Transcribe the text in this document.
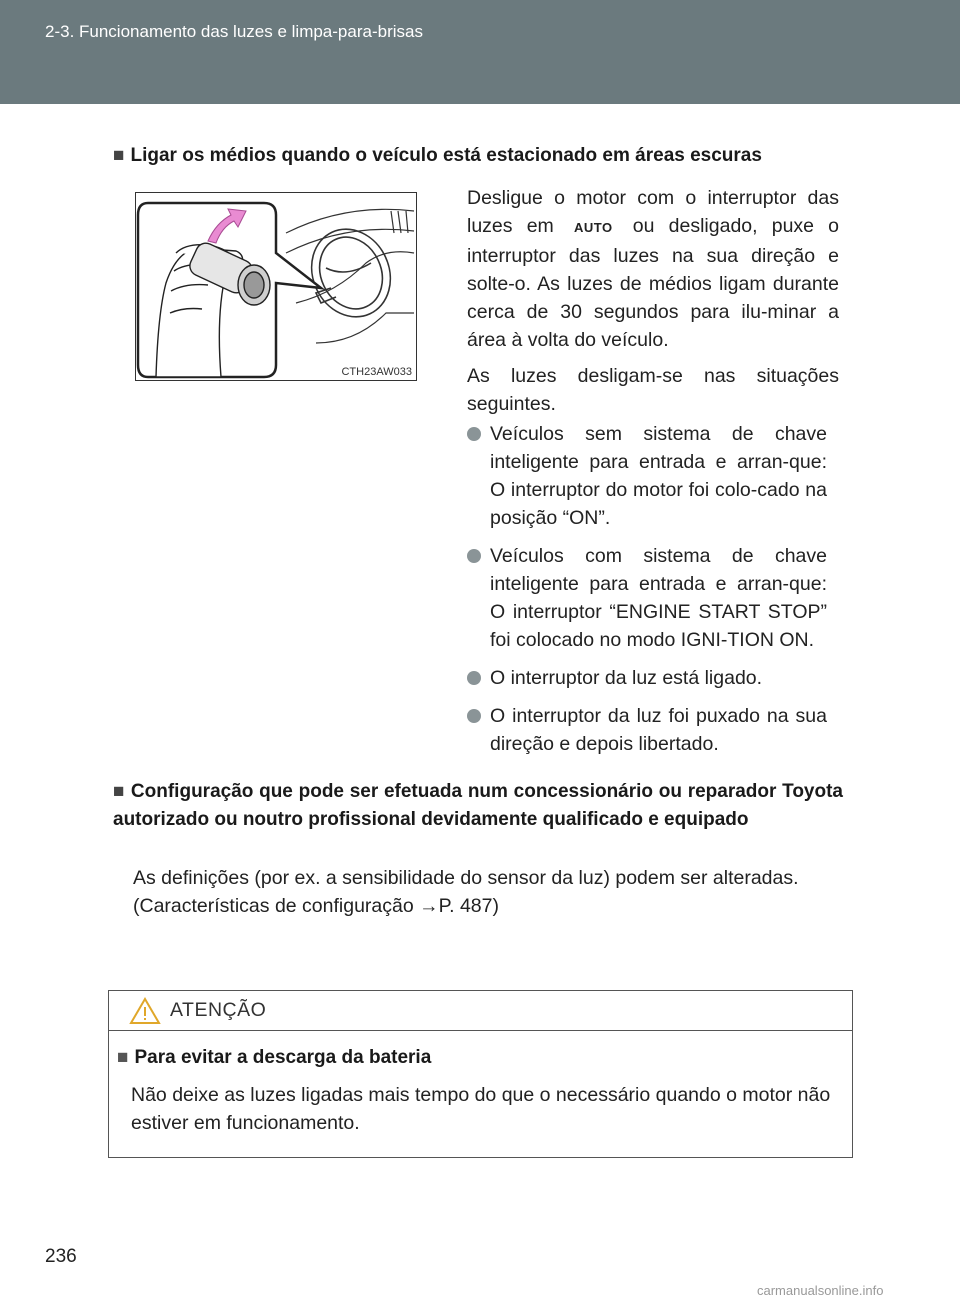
2-3. Funcionamento das luzes e limpa-para-brisas
■ Ligar os médios quando o veículo está estacionado em áreas escuras
CTH23AW033

Desligue o motor com o interruptor das luzes em AUTO ou desligado, puxe o interruptor das luzes na sua direção e solte-o. As luzes de médios ligam durante cerca de 30 segundos para ilu-minar a área à volta do veículo.

As luzes desligam-se nas situações seguintes.

Veículos sem sistema de chave inteligente para entrada e arran-que: O interruptor do motor foi colo-cado na posição “ON”.
Veículos com sistema de chave inteligente para entrada e arran-que: O interruptor “ENGINE START STOP” foi colocado no modo IGNI-TION ON.
O interruptor da luz está ligado.
O interruptor da luz foi puxado na sua direção e depois libertado.
■ Configuração que pode ser efetuada num concessionário ou reparador Toyota autorizado ou noutro profissional devidamente qualificado e equipado
As definições (por ex. a sensibilidade do sensor da luz) podem ser alteradas.
(Características de configuração →P. 487)
ATENÇÃO
■ Para evitar a descarga da bateria
Não deixe as luzes ligadas mais tempo do que o necessário quando o motor não estiver em funcionamento.
236
carmanualsonline.info
